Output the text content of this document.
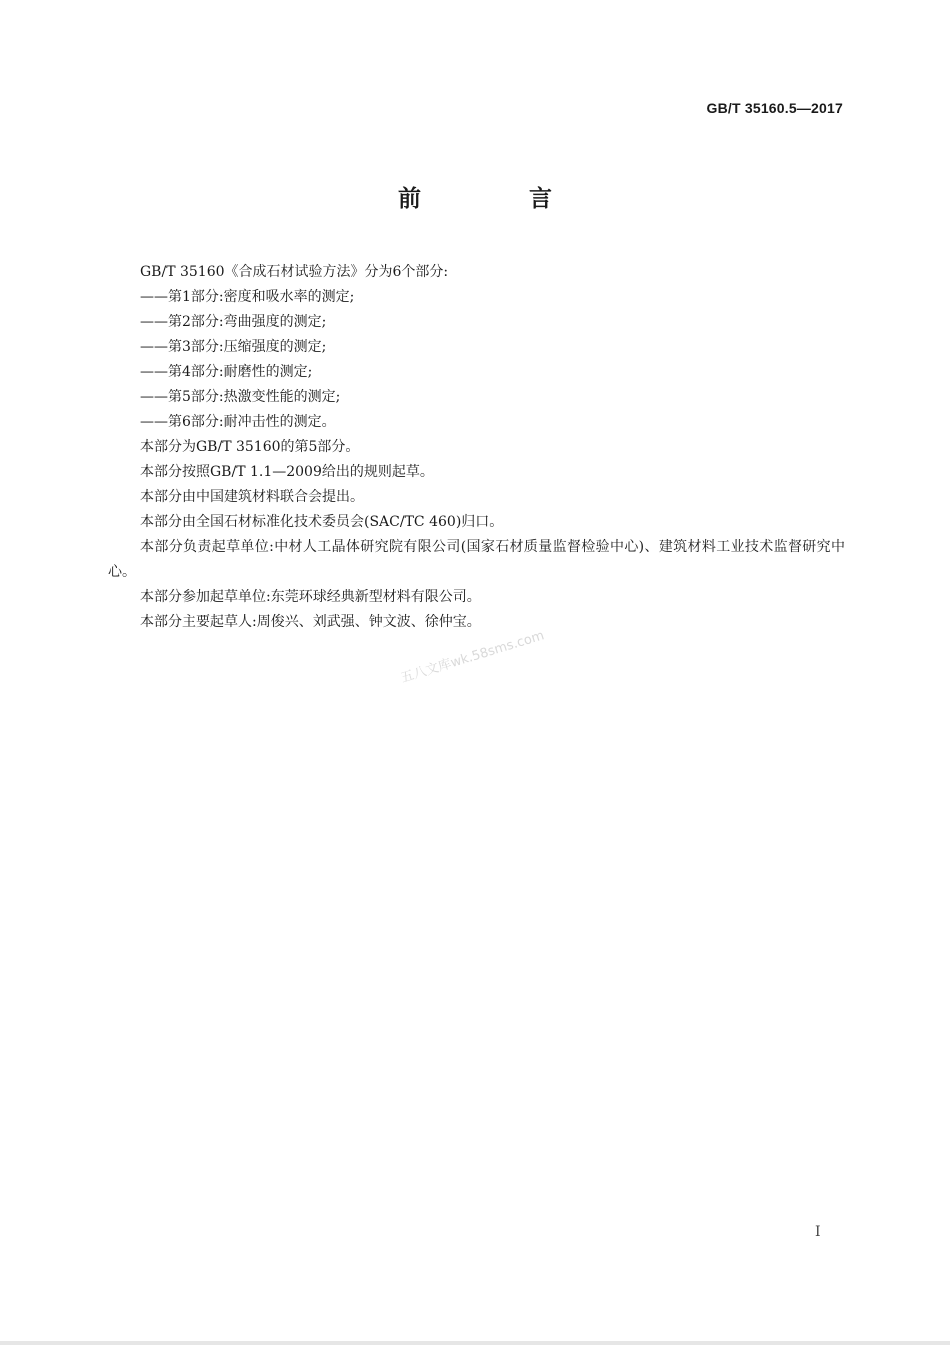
GB/T 35160.5—2017
前 言

GB/T 35160《合成石材试验方法》分为6个部分:

——第1部分:密度和吸水率的测定;

——第2部分:弯曲强度的测定;

——第3部分:压缩强度的测定;

——第4部分:耐磨性的测定;

——第5部分:热激变性能的测定;

——第6部分:耐冲击性的测定。

本部分为GB/T 35160的第5部分。

本部分按照GB/T 1.1—2009给出的规则起草。

本部分由中国建筑材料联合会提出。

本部分由全国石材标准化技术委员会(SAC/TC 460)归口。

本部分负责起草单位:中材人工晶体研究院有限公司(国家石材质量监督检验中心)、建筑材料工业技术监督研究中心。

本部分参加起草单位:东莞环球经典新型材料有限公司。

本部分主要起草人:周俊兴、刘武强、钟文波、徐仲宝。

五八文库wk.58sms.com
I
